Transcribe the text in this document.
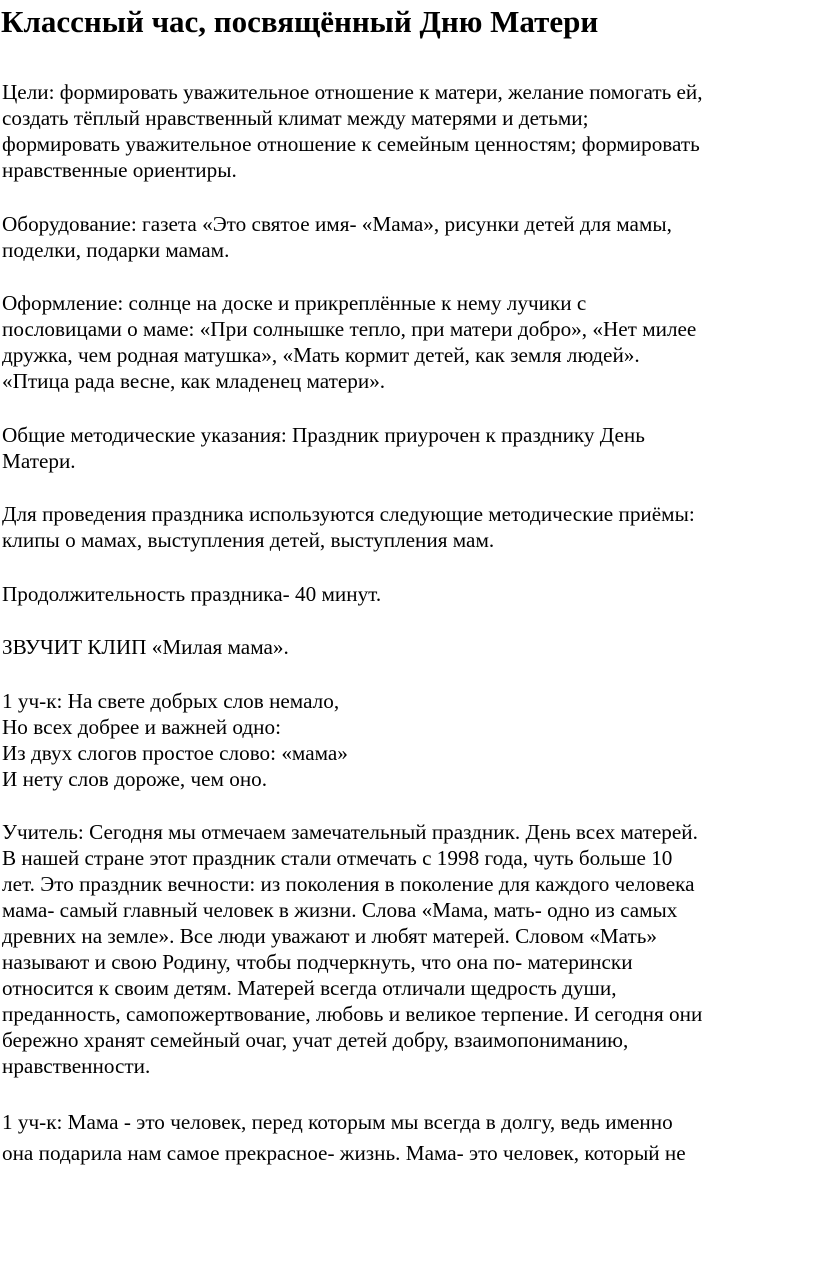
Классный час, посвящённый Дню Матери

Цели: формировать уважительное отношение к матери, желание помогать ей,
создать тёплый нравственный климат между матерями и детьми;
формировать уважительное отношение к семейным ценностям; формировать
нравственные ориентиры.

Оборудование: газета «Это святое имя- «Мама», рисунки детей для мамы,
поделки, подарки мамам.

Оформление: солнце на доске и прикреплённые к нему лучики с
пословицами о маме: «При солнышке тепло, при матери добро», «Нет милее
дружка, чем родная матушка», «Мать кормит детей, как земля людей».
«Птица рада весне, как младенец матери».

Общие методические указания: Праздник приурочен к празднику День
Матери.

Для проведения праздника используются следующие методические приёмы:
клипы о мамах, выступления детей, выступления мам.

Продолжительность праздника- 40 минут.

ЗВУЧИТ КЛИП «Милая мама».

1 уч-к: На свете добрых слов немало,
Но всех добрее и важней одно:
Из двух слогов простое слово: «мама»
И нету слов дороже, чем оно.

Учитель: Сегодня мы отмечаем замечательный праздник. День всех матерей.
В нашей стране этот праздник стали отмечать с 1998 года, чуть больше 10
лет. Это праздник вечности: из поколения в поколение для каждого человека
мама- самый главный человек в жизни. Слова «Мама, мать- одно из самых
древних на земле». Все люди уважают и любят матерей. Словом «Мать»
называют и свою Родину, чтобы подчеркнуть, что она по- матерински
относится к своим детям. Матерей всегда отличали щедрость души,
преданность, самопожертвование, любовь и великое терпение. И сегодня они
бережно хранят семейный очаг, учат детей добру, взаимопониманию,
нравственности.

1 уч-к: Мама - это человек, перед которым мы всегда в долгу, ведь именно
она подарила нам самое прекрасное- жизнь. Мама- это человек, который не
